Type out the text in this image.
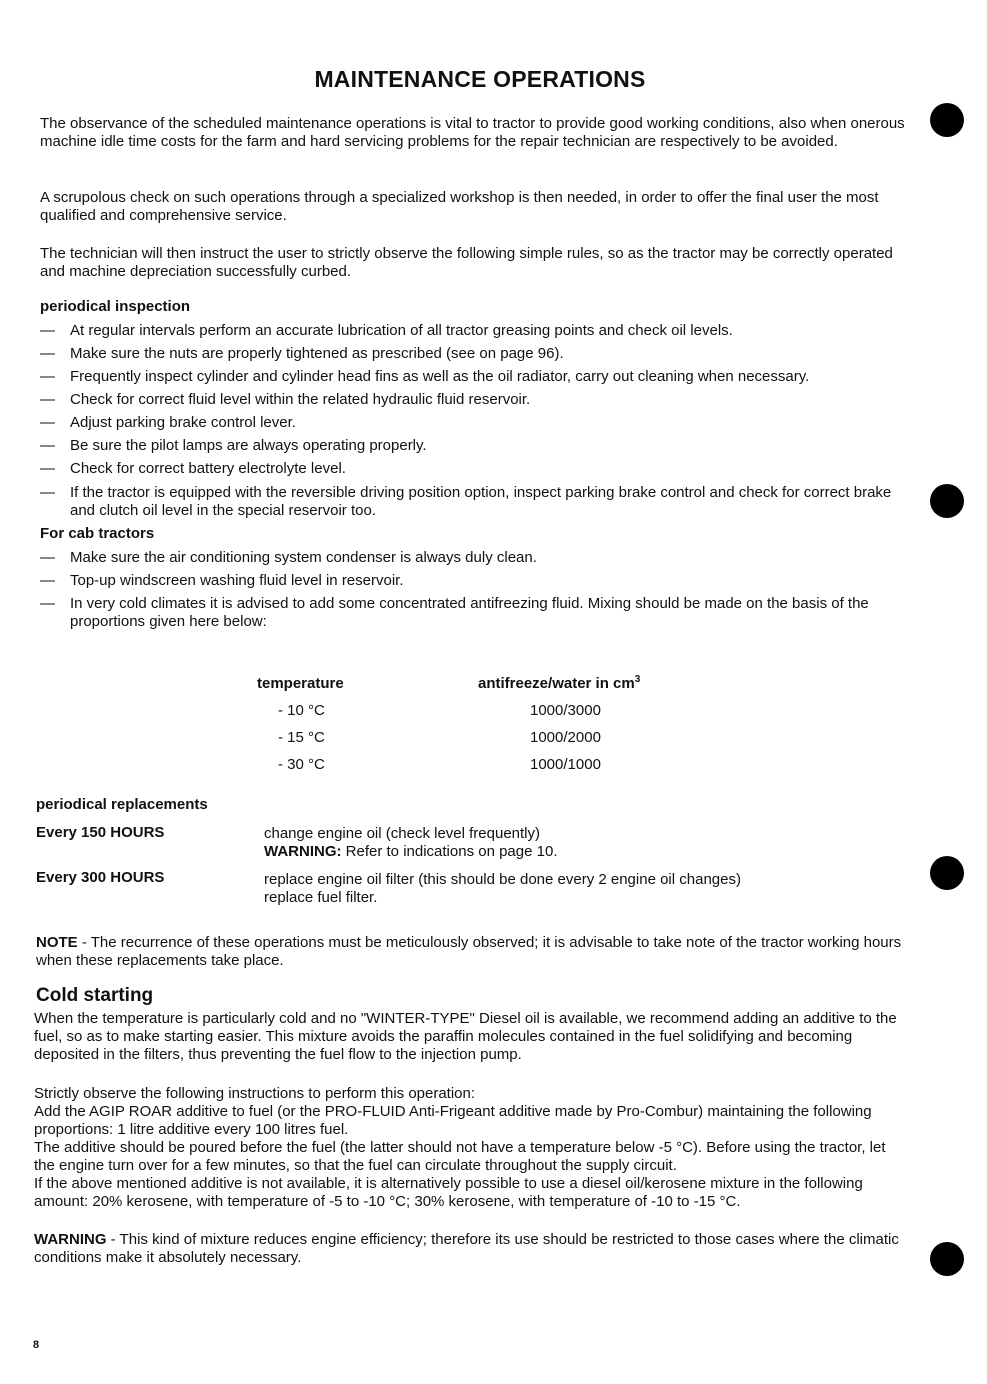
MAINTENANCE OPERATIONS
The observance of the scheduled maintenance operations is vital to tractor to provide good working conditions, also when onerous machine idle time costs for the farm and hard servicing problems for the repair technician are respectively to be avoided.
A scrupolous check on such operations through a specialized workshop is then needed, in order to offer the final user the most qualified and comprehensive service.
The technician will then instruct the user to strictly observe the following simple rules, so as the tractor may be correctly operated and machine depreciation successfully curbed.
periodical inspection
— At regular intervals perform an accurate lubrication of all tractor greasing points and check oil levels.
— Make sure the nuts are properly tightened as prescribed (see on page 96).
— Frequently inspect cylinder and cylinder head fins as well as the oil radiator, carry out cleaning when necessary.
— Check for correct fluid level within the related hydraulic fluid reservoir.
— Adjust parking brake control lever.
— Be sure the pilot lamps are always operating properly.
— Check for correct battery electrolyte level.
— If the tractor is equipped with the reversible driving position option, inspect parking brake control and check for correct brake and clutch oil level in the special reservoir too.
For cab tractors
— Make sure the air conditioning system condenser is always duly clean.
— Top-up windscreen washing fluid level in reservoir.
— In very cold climates it is advised to add some concentrated antifreezing fluid. Mixing should be made on the basis of the proportions given here below:
temperature	antifreeze/water in $cm^3$
- 10 °C	1000/3000
- 15 °C	1000/2000
- 30 °C	1000/1000
periodical replacements
Every 150 HOURS	change engine oil (check level frequently)
WARNING: Refer to indications on page 10.
Every 300 HOURS	replace engine oil filter (this should be done every 2 engine oil changes)
replace fuel filter.
NOTE - The recurrence of these operations must be meticulously observed; it is advisable to take note of the tractor working hours when these replacements take place.
Cold starting
When the temperature is particularly cold and no "WINTER-TYPE" Diesel oil is available, we recommend adding an additive to the fuel, so as to make starting easier. This mixture avoids the paraffin molecules contained in the fuel solidifying and becoming deposited in the filters, thus preventing the fuel flow to the injection pump.
Strictly observe the following instructions to perform this operation:
Add the AGIP ROAR additive to fuel (or the PRO-FLUID Anti-Frigeant additive made by Pro-Combur) maintaining the following proportions: 1 litre additive every 100 litres fuel.
The additive should be poured before the fuel (the latter should not have a temperature below -5 °C). Before using the tractor, let the engine turn over for a few minutes, so that the fuel can circulate throughout the supply circuit.
If the above mentioned additive is not available, it is alternatively possible to use a diesel oil/kerosene mixture in the following amount: 20% kerosene, with temperature of -5 to -10 °C; 30% kerosene, with temperature of -10 to -15 °C.
WARNING - This kind of mixture reduces engine efficiency; therefore its use should be restricted to those cases where the climatic conditions make it absolutely necessary.
8
